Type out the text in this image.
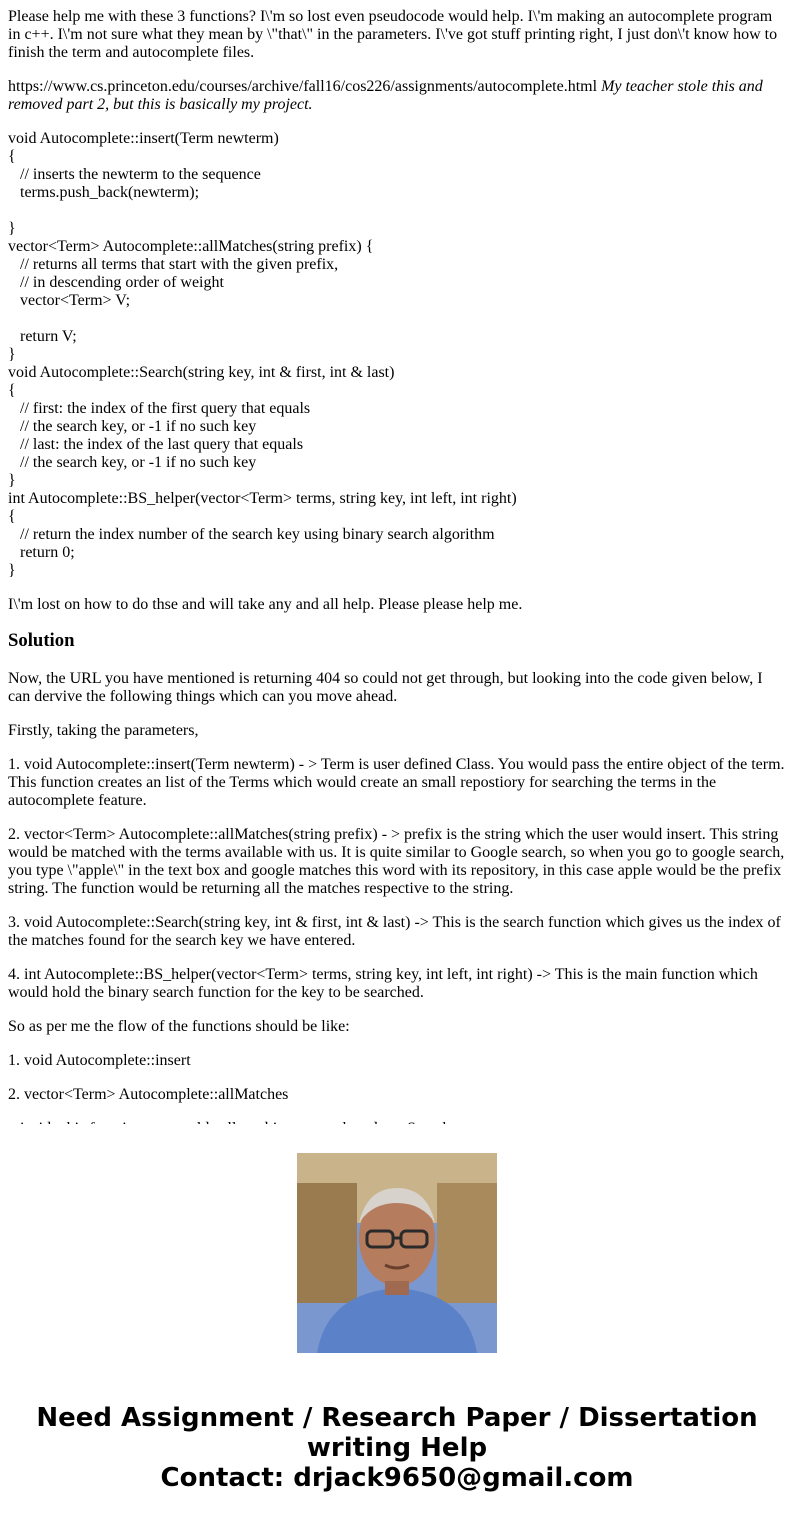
Please help me with these 3 functions? I\'m so lost even pseudocode would help. I\'m making an autocomplete program in c++. I\'m not sure what they mean by \"that\" in the parameters. I\'ve got stuff printing right, I just don\'t know how to finish the term and autocomplete files.

https://www.cs.princeton.edu/courses/archive/fall16/cos226/assignments/autocomplete.html My teacher stole this and removed part 2, but this is basically my project.

void Autocomplete::insert(Term newterm)
{
// inserts the newterm to the sequence
terms.push_back(newterm);
}
vector<Term> Autocomplete::allMatches(string prefix) {
// returns all terms that start with the given prefix,
// in descending order of weight
vector<Term> V;
return V;
}
void Autocomplete::Search(string key, int & first, int & last)
{
// first: the index of the first query that equals
// the search key, or -1 if no such key
// last: the index of the last query that equals
// the search key, or -1 if no such key
}
int Autocomplete::BS_helper(vector<Term> terms, string key, int left, int right)
{
// return the index number of the search key using binary search algorithm
return 0;
}

I\'m lost on how to do thse and will take any and all help. Please please help me.

Solution

Now, the URL you have mentioned is returning 404 so could not get through, but looking into the code given below, I can dervive the following things which can you move ahead.

Firstly, taking the parameters,

1. void Autocomplete::insert(Term newterm) - > Term is user defined Class. You would pass the entire object of the term. This function creates an list of the Terms which would create an small repostiory for searching the terms in the autocomplete feature.

2. vector<Term> Autocomplete::allMatches(string prefix) - > prefix is the string which the user would insert. This string would be matched with the terms available with us. It is quite similar to Google search, so when you go to google search, you type \"apple\" in the text box and google matches this word with its repository, in this case apple would be the prefix string. The function would be returning all the matches respective to the string.

3. void Autocomplete::Search(string key, int & first, int & last) -> This is the search function which gives us the index of the matches found for the search key we have entered.

4. int Autocomplete::BS_helper(vector<Term> terms, string key, int left, int right) -> This is the main function which would hold the binary search function for the key to be searched.

So as per me the flow of the functions should be like:

1. void Autocomplete::insert

2. vector<Term> Autocomplete::allMatches

Need Assignment / Research Paper / Dissertation
writing Help
Contact: drjack9650@gmail.com
